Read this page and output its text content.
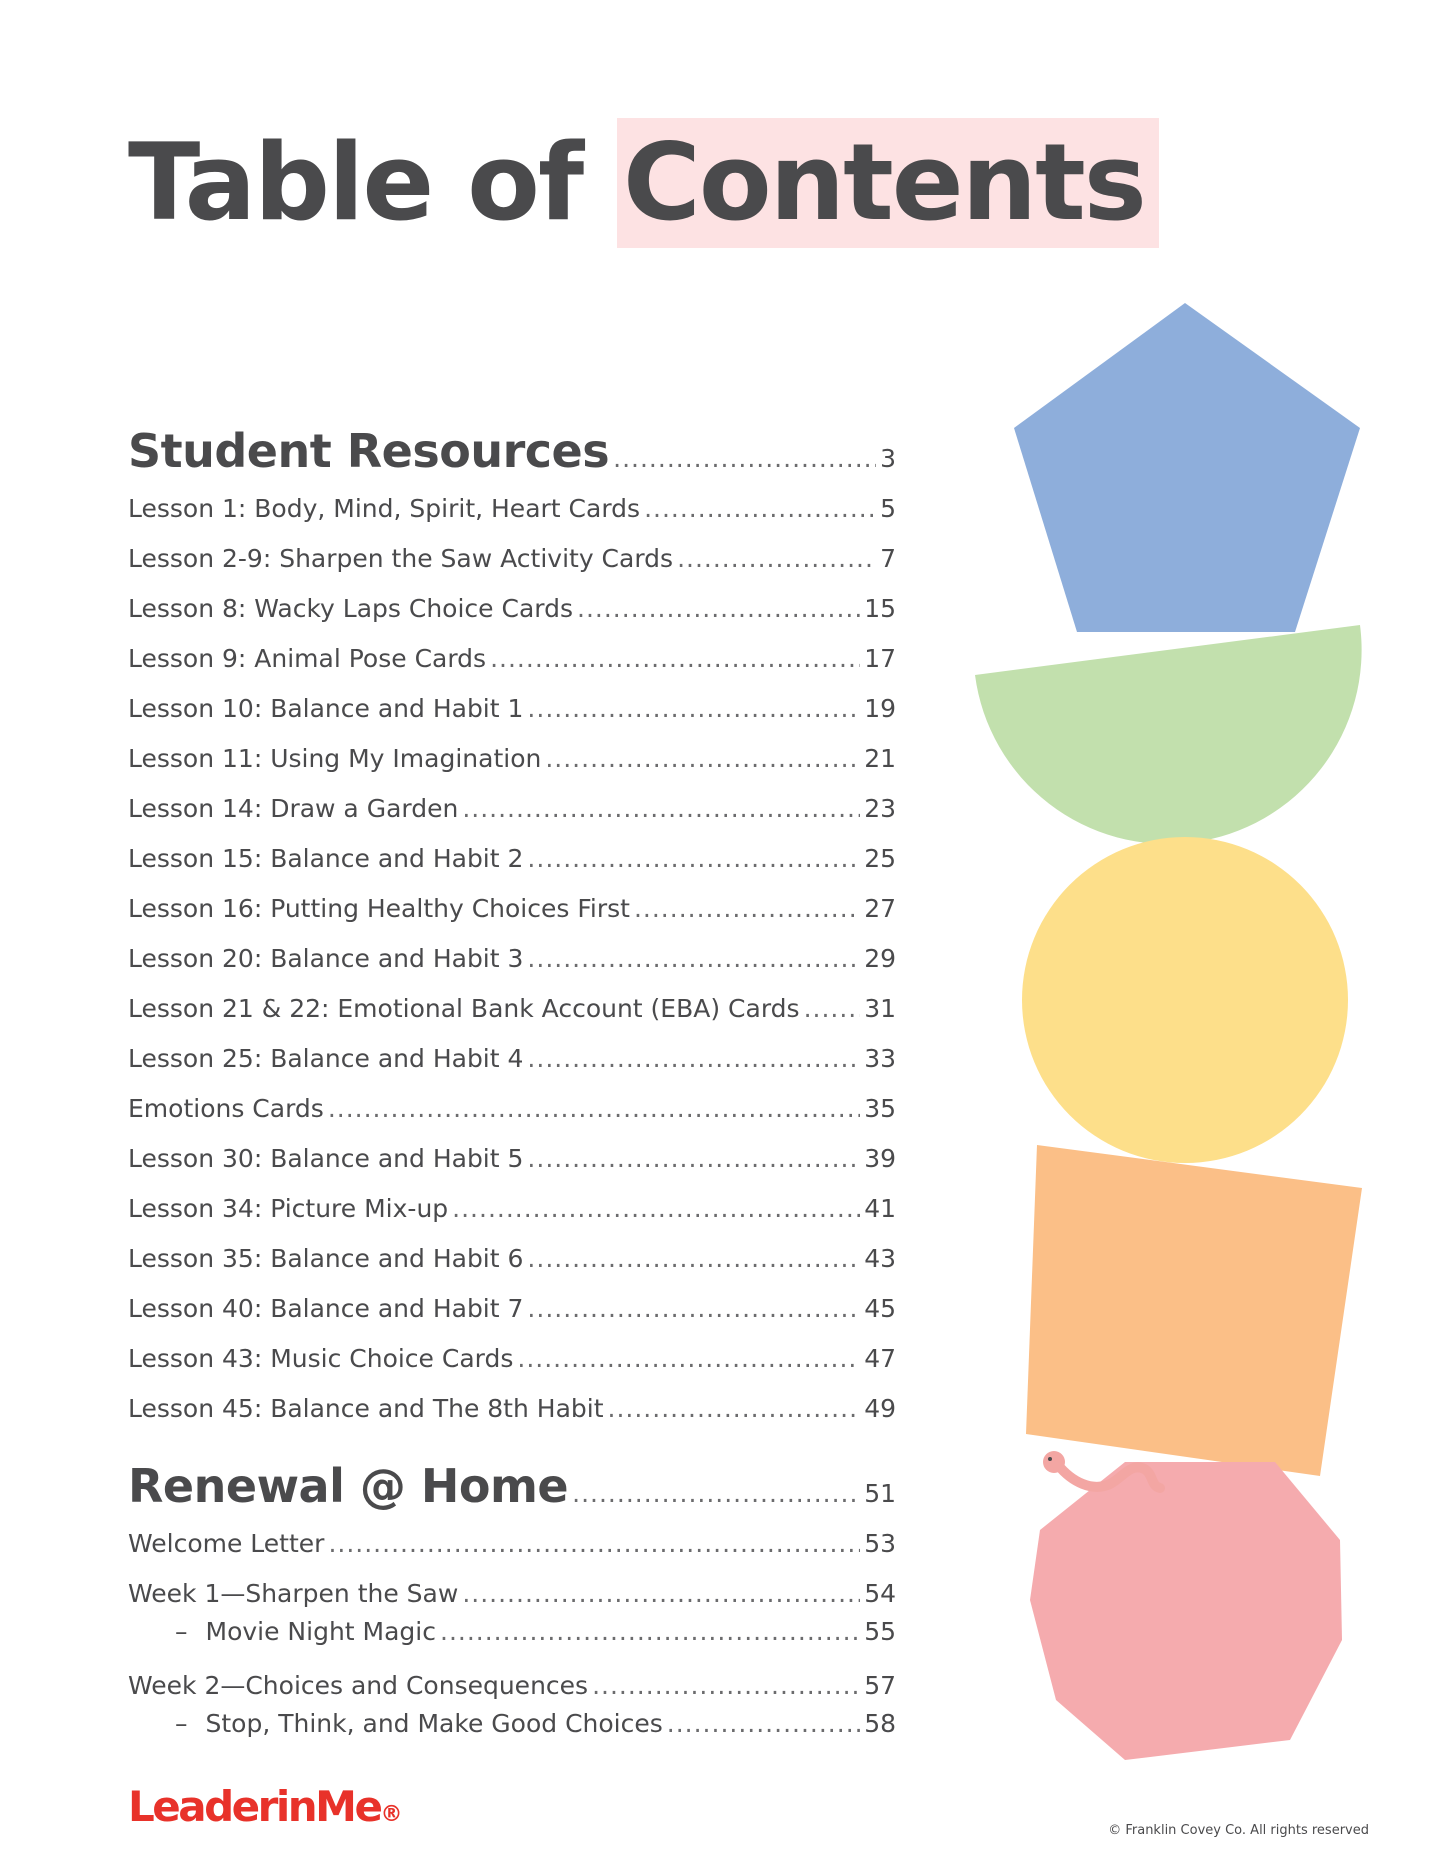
Table of Contents
Student Resources .....	3
Lesson 1: Body, Mind, Spirit, Heart Cards .....	5
Lesson 2-9: Sharpen the Saw Activity Cards .....	7
Lesson 8: Wacky Laps Choice Cards .....	15
Lesson 9: Animal Pose Cards .....	17
Lesson 10: Balance and Habit 1 .....	19
Lesson 11: Using My Imagination .....	21
Lesson 14: Draw a Garden .....	23
Lesson 15: Balance and Habit 2 .....	25
Lesson 16: Putting Healthy Choices First .....	27
Lesson 20: Balance and Habit 3 .....	29
Lesson 21 & 22: Emotional Bank Account (EBA) Cards .....	31
Lesson 25: Balance and Habit 4 .....	33
Emotions Cards .....	35
Lesson 30: Balance and Habit 5 .....	39
Lesson 34: Picture Mix-up .....	41
Lesson 35: Balance and Habit 6 .....	43
Lesson 40: Balance and Habit 7 .....	45
Lesson 43: Music Choice Cards .....	47
Lesson 45: Balance and The 8th Habit .....	49
Renewal @ Home .....	51
Welcome Letter .....	53
Week 1—Sharpen the Saw .....	54
– Movie Night Magic .....	55
Week 2—Choices and Consequences .....	57
– Stop, Think, and Make Good Choices .....	58
LeaderinMe®
© Franklin Covey Co. All rights reserved
